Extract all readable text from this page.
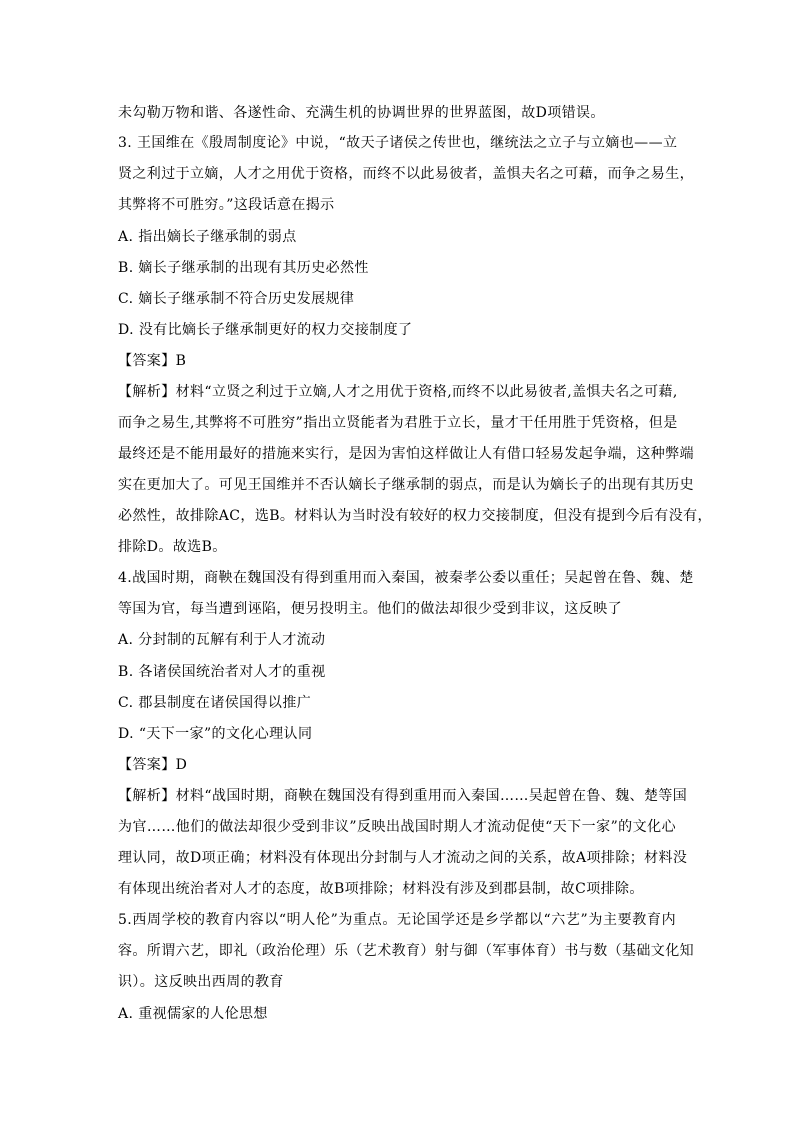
未勾勒万物和谐、各遂性命、充满生机的协调世界的世界蓝图，故D项错误。
3. 王国维在《殷周制度论》中说，“故天子诸侯之传世也，继统法之立子与立嫡也——立
贤之利过于立嫡，人才之用优于资格，而终不以此易彼者，盖惧夫名之可藉，而争之易生，
其弊将不可胜穷。”这段话意在揭示
A. 指出嫡长子继承制的弱点
B. 嫡长子继承制的出现有其历史必然性
C. 嫡长子继承制不符合历史发展规律
D. 没有比嫡长子继承制更好的权力交接制度了
【答案】B
【解析】材料“立贤之利过于立嫡,人才之用优于资格,而终不以此易彼者,盖惧夫名之可藉,
而争之易生,其弊将不可胜穷”指出立贤能者为君胜于立长，量才干任用胜于凭资格，但是
最终还是不能用最好的措施来实行，是因为害怕这样做让人有借口轻易发起争端，这种弊端
实在更加大了。可见王国维并不否认嫡长子继承制的弱点，而是认为嫡长子的出现有其历史
必然性，故排除AC，选B。材料认为当时没有较好的权力交接制度，但没有提到今后有没有，
排除D。故选B。
4.战国时期，商鞅在魏国没有得到重用而入秦国，被秦孝公委以重任；吴起曾在鲁、魏、楚
等国为官，每当遭到诬陷，便另投明主。他们的做法却很少受到非议，这反映了
A. 分封制的瓦解有利于人才流动
B. 各诸侯国统治者对人才的重视
C. 郡县制度在诸侯国得以推广
D. “天下一家”的文化心理认同
【答案】D
【解析】材料“战国时期，商鞅在魏国没有得到重用而入秦国……吴起曾在鲁、魏、楚等国
为官……他们的做法却很少受到非议”反映出战国时期人才流动促使“天下一家”的文化心
理认同，故D项正确；材料没有体现出分封制与人才流动之间的关系，故A项排除；材料没
有体现出统治者对人才的态度，故B项排除；材料没有涉及到郡县制，故C项排除。
5.西周学校的教育内容以“明人伦”为重点。无论国学还是乡学都以“六艺”为主要教育内
容。所谓六艺，即礼（政治伦理）乐（艺术教育）射与御（军事体育）书与数（基础文化知
识）。这反映出西周的教育
A. 重视儒家的人伦思想
